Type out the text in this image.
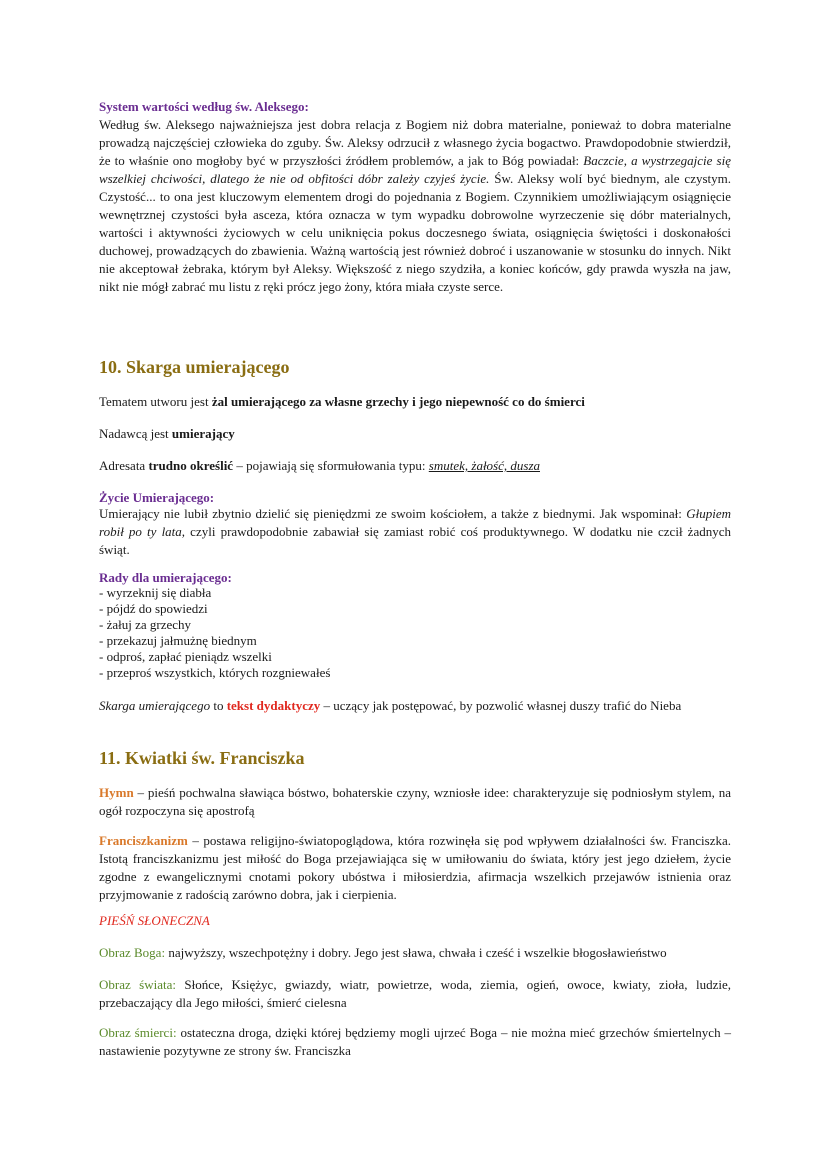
System wartości według św. Aleksego:

Według św. Aleksego najważniejsza jest dobra relacja z Bogiem niż dobra materialne, ponieważ to dobra materialne prowadzą najczęściej człowieka do zguby. Św. Aleksy odrzucił z własnego życia bogactwo. Prawdopodobnie stwierdził, że to właśnie ono mogłoby być w przyszłości źródłem problemów, a jak to Bóg powiadał: Baczcie, a wystrzegajcie się wszelkiej chciwości, dlatego że nie od obfitości dóbr zależy czyjeś życie. Św. Aleksy wolí być biednym, ale czystym. Czystość... to ona jest kluczowym elementem drogi do pojednania z Bogiem. Czynnikiem umożliwiającym osiągnięcie wewnętrznej czystości była asceza, która oznacza w tym wypadku dobrowolne wyrzeczenie się dóbr materialnych, wartości i aktywności życiowych w celu uniknięcia pokus doczesnego świata, osiągnięcia świętości i doskonałości duchowej, prowadzących do zbawienia. Ważną wartością jest również dobroć i uszanowanie w stosunku do innych. Nikt nie akceptował żebraka, którym był Aleksy. Większość z niego szydziła, a koniec końców, gdy prawda wyszła na jaw, nikt nie mógł zabrać mu listu z ręki prócz jego żony, która miała czyste serce.

10. Skarga umierającego

Tematem utworu jest żal umierającego za własne grzechy i jego niepewność co do śmierci

Nadawcą jest umierający

Adresata trudno określić – pojawiają się sformułowania typu: smutek, żałość, dusza

Życie Umierającego:

Umierający nie lubił zbytnio dzielić się pieniędzmi ze swoim kościołem, a także z biednymi. Jak wspominał: Głupiem robił po ty lata, czyli prawdopodobnie zabawiał się zamiast robić coś produktywnego. W dodatku nie czcił żadnych świąt.

Rady dla umierającego:
- wyrzeknij się diabła
- pójdź do spowiedzi
- żałuj za grzechy
- przekazuj jałmużnę biednym
- odproś, zapłać pieniądz wszelki
- przeproś wszystkich, których rozgniewałeś

Skarga umierającego to tekst dydaktyczy – uczący jak postępować, by pozwolić własnej duszy trafić do Nieba

11. Kwiatki św. Franciszka

Hymn – pieśń pochwalna sławiąca bóstwo, bohaterskie czyny, wzniosłe idee: charakteryzuje się podniosłym stylem, na ogół rozpoczyna się apostrofą

Franciszkanizm – postawa religijno-światopoglądowa, która rozwinęła się pod wpływem działalności św. Franciszka. Istotą franciszkanizmu jest miłość do Boga przejawiająca się w umiłowaniu do świata, który jest jego dziełem, życie zgodne z ewangelicznymi cnotami pokory ubóstwa i miłosierdzia, afirmacja wszelkich przejawów istnienia oraz przyjmowanie z radością zarówno dobra, jak i cierpienia.

PIEŚŃ SŁONECZNA

Obraz Boga: najwyższy, wszechpotężny i dobry. Jego jest sława, chwała i cześć i wszelkie błogosławieństwo

Obraz świata: Słońce, Księżyc, gwiazdy, wiatr, powietrze, woda, ziemia, ogień, owoce, kwiaty, zioła, ludzie, przebaczający dla Jego miłości, śmierć cielesna

Obraz śmierci: ostateczna droga, dzięki której będziemy mogli ujrzeć Boga – nie można mieć grzechów śmiertelnych – nastawienie pozytywne ze strony św. Franciszka
